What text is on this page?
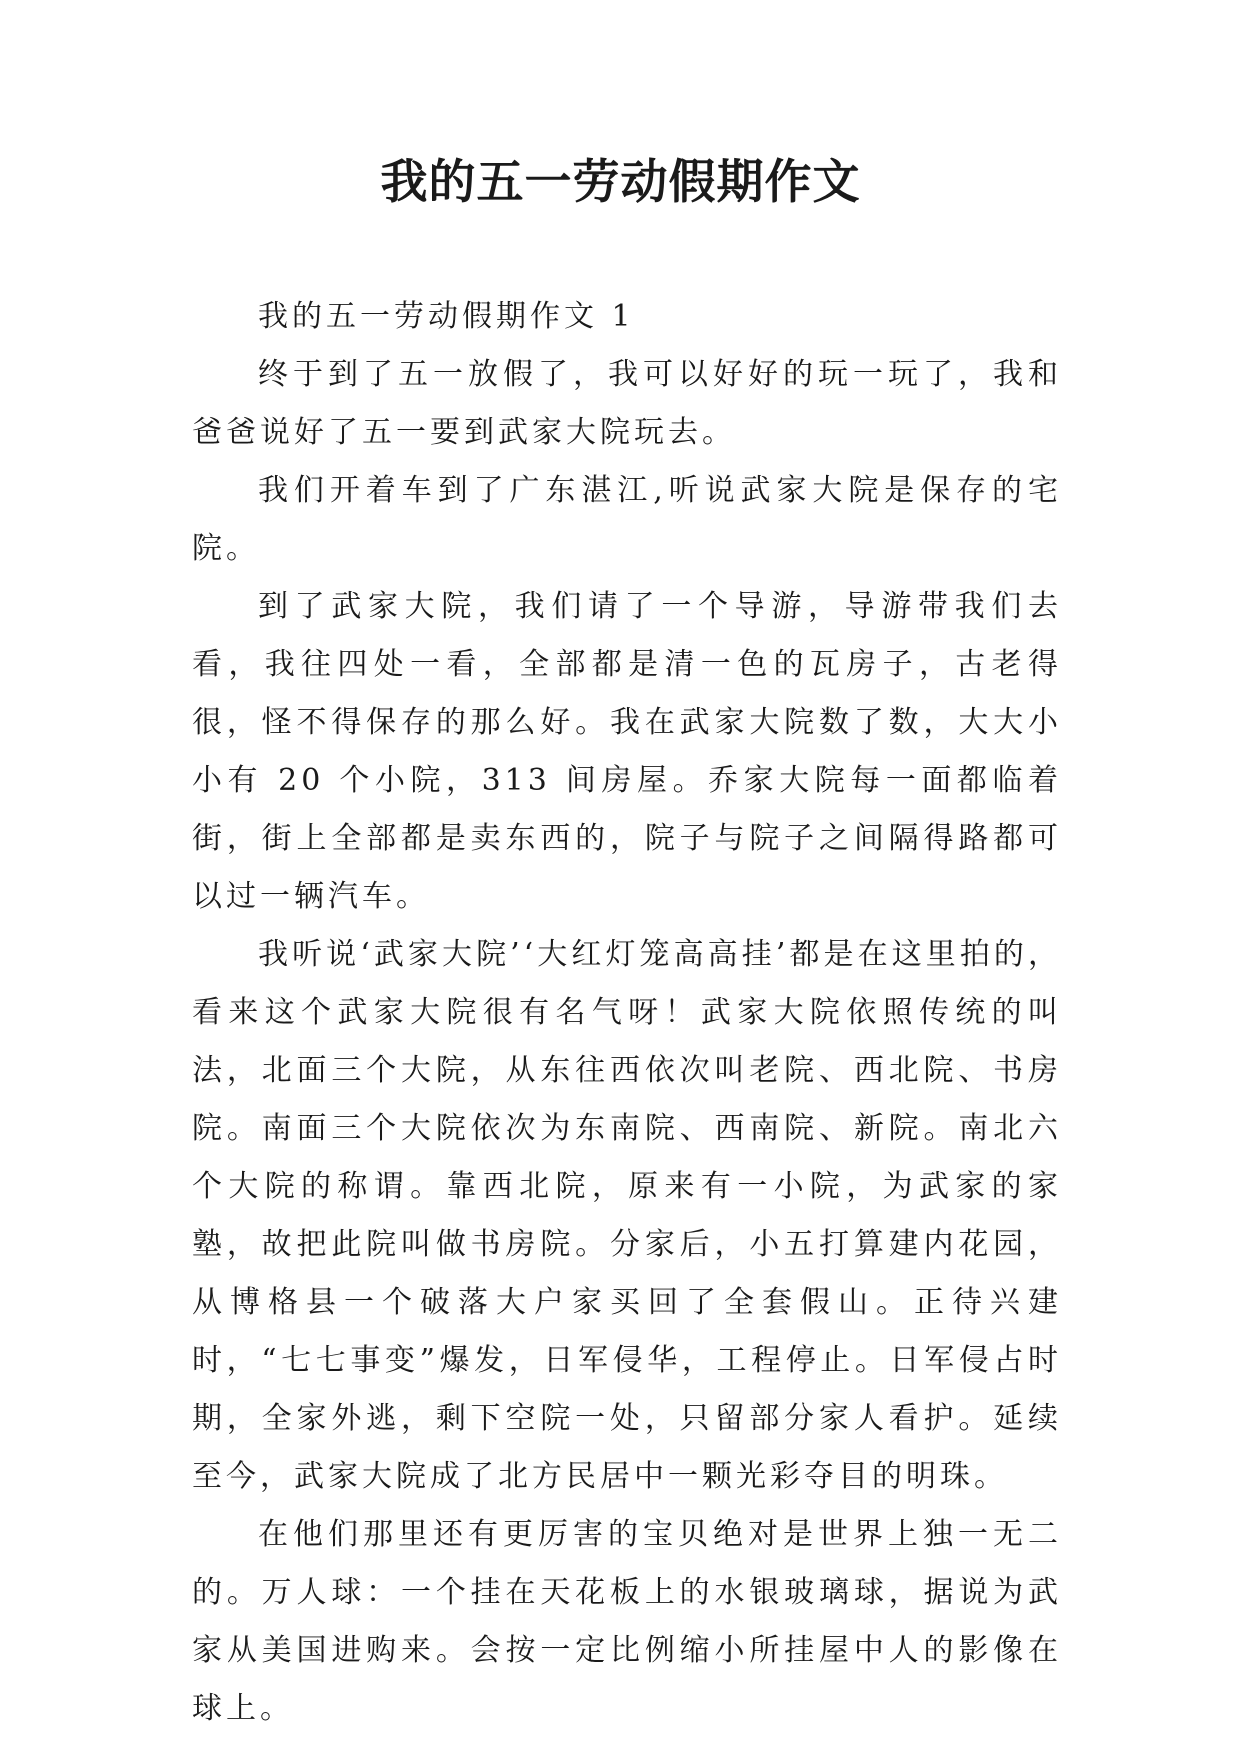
我的五一劳动假期作文

我的五一劳动假期作文 1

终于到了五一放假了，我可以好好的玩一玩了，我和爸爸说好了五一要到武家大院玩去。

我们开着车到了广东湛江,听说武家大院是保存的宅院。

到了武家大院，我们请了一个导游，导游带我们去看，我往四处一看，全部都是清一色的瓦房子，古老得很，怪不得保存的那么好。我在武家大院数了数，大大小小有 20 个小院，313 间房屋。乔家大院每一面都临着街，街上全部都是卖东西的，院子与院子之间隔得路都可以过一辆汽车。

我听说‘武家大院’‘大红灯笼高高挂’都是在这里拍的，看来这个武家大院很有名气呀！武家大院依照传统的叫法，北面三个大院，从东往西依次叫老院、西北院、书房院。南面三个大院依次为东南院、西南院、新院。南北六个大院的称谓。靠西北院，原来有一小院，为武家的家塾，故把此院叫做书房院。分家后，小五打算建内花园，从博格县一个破落大户家买回了全套假山。正待兴建时，“七七事变”爆发，日军侵华，工程停止。日军侵占时期，全家外逃，剩下空院一处，只留部分家人看护。延续至今，武家大院成了北方民居中一颗光彩夺目的明珠。

在他们那里还有更厉害的宝贝绝对是世界上独一无二的。万人球：一个挂在天花板上的水银玻璃球，据说为武家从美国进购来。会按一定比例缩小所挂屋中人的影像在球上。
